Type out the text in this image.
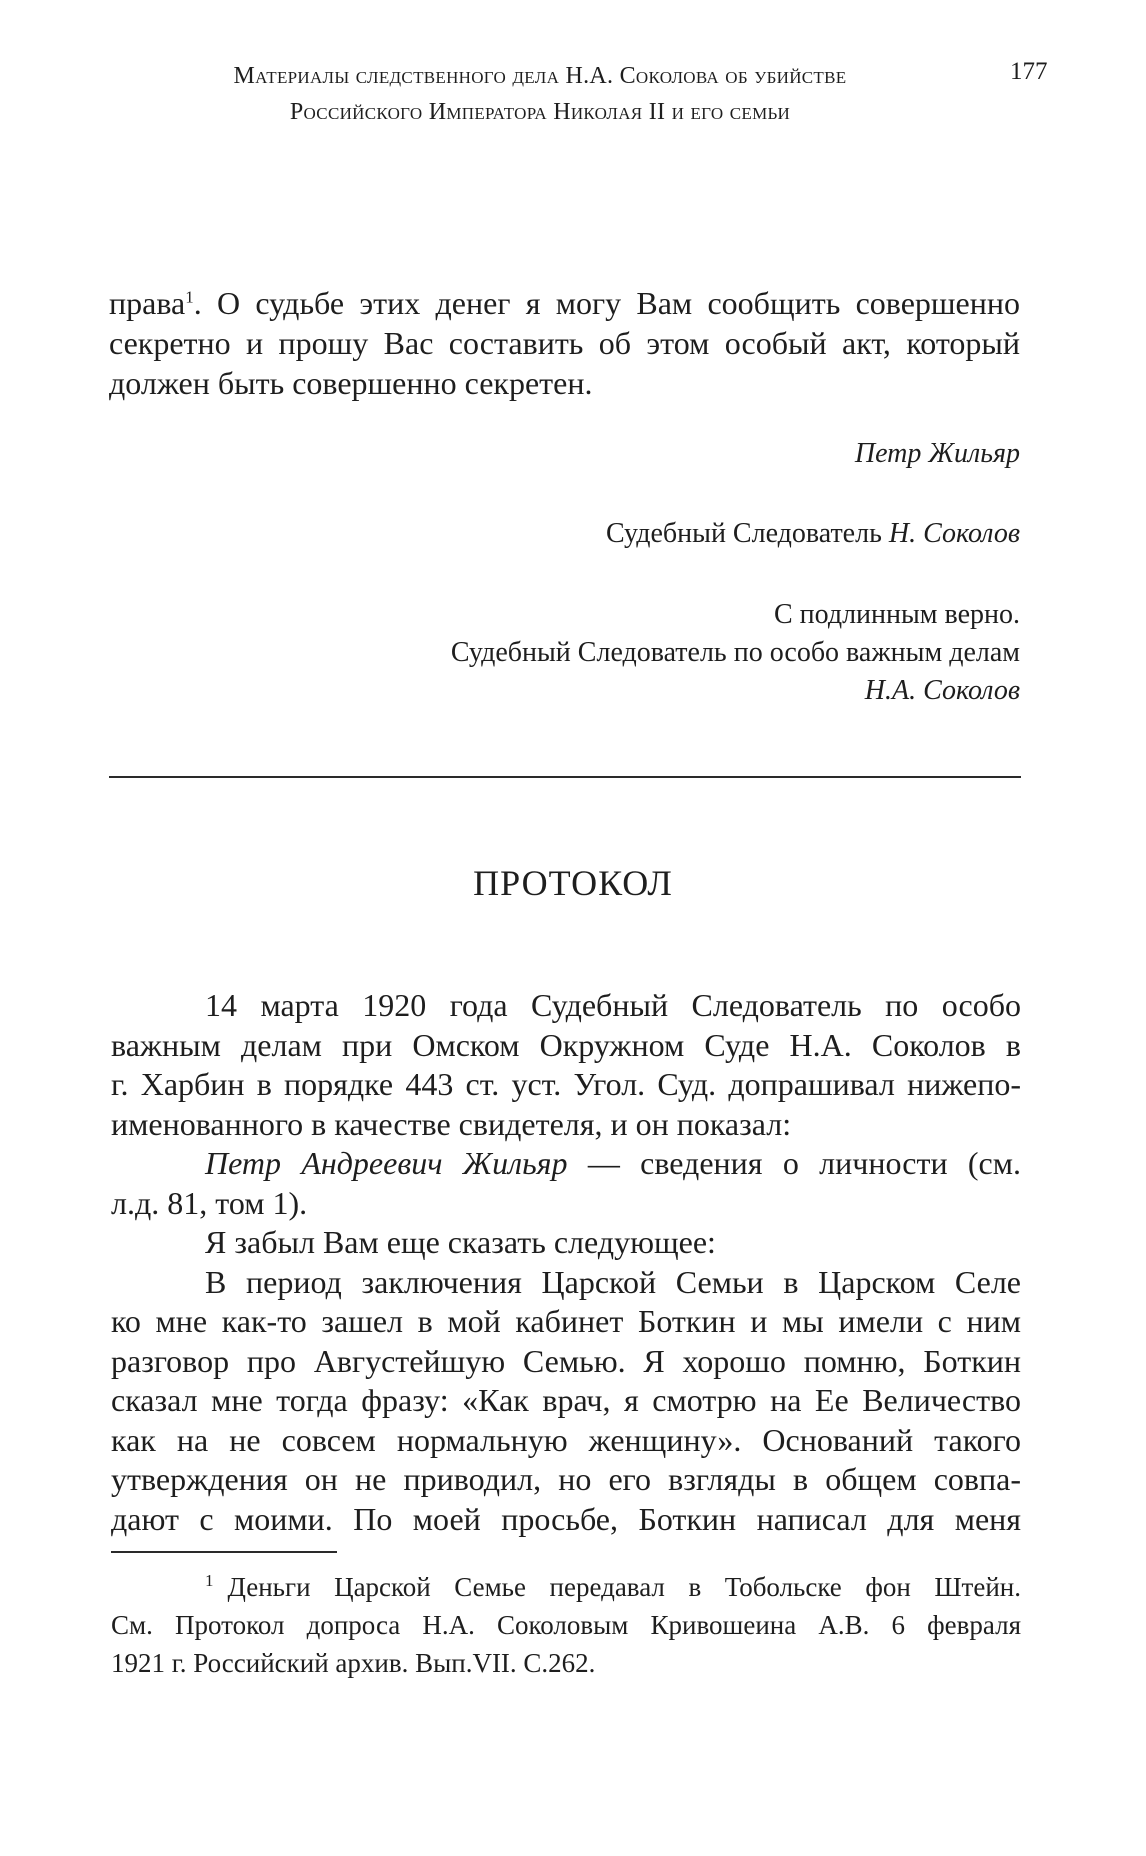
Материалы следственного дела Н.А. Соколова об убийстве
Российского Императора Николая II и его семьи
177
права$^1$. О судьбе этих денег я могу Вам сообщить совершенно
секретно и прошу Вас составить об этом особый акт, который
должен быть совершенно секретен.
Петр Жильяр
Судебный Следователь Н. Соколов
С подлинным верно.
Судебный Следователь по особо важным делам
Н.А. Соколов
ПРОТОКОЛ
14 марта 1920 года Судебный Следователь по особо
важным делам при Омском Окружном Суде Н.А. Соколов в
г. Харбин в порядке 443 ст. уст. Угол. Суд. допрашивал нижепо-
именованного в качестве свидетеля, и он показал:
Петр Андреевич Жильяр — сведения о личности (см.
л.д. 81, том 1).
Я забыл Вам еще сказать следующее:
В период заключения Царской Семьи в Царском Селе
ко мне как-то зашел в мой кабинет Боткин и мы имели с ним
разговор про Августейшую Семью. Я хорошо помню, Боткин
сказал мне тогда фразу: «Как врач, я смотрю на Ее Величество
как на не совсем нормальную женщину». Оснований такого
утверждения он не приводил, но его взгляды в общем совпа-
дают с моими. По моей просьбе, Боткин написал для меня
$^1$ Деньги Царской Семье передавал в Тобольске фон Штейн.
См. Протокол допроса Н.А. Соколовым Кривошеина А.В. 6 февраля
1921 г. Российский архив. Вып.VII. С.262.
